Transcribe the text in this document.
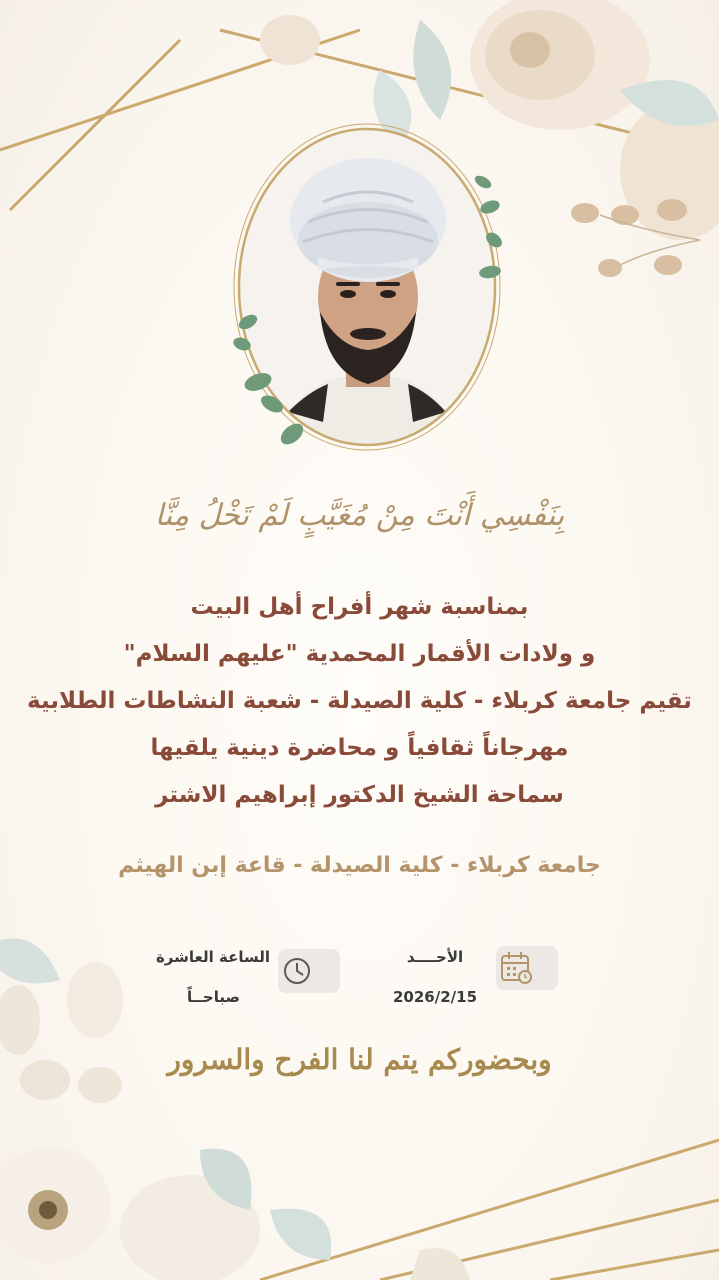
بِنَفْسِي أَنْتَ مِنْ مُغَيَّبٍ لَمْ تَخْلُ مِنَّا
بمناسبة شهر أفراح أهل البيت
و ولادات الأقمار المحمدية "عليهم السلام"
تقيم جامعة كربلاء - كلية الصيدلة - شعبة النشاطات الطلابية
مهرجاناً ثقافياً و محاضرة دينية يلقيها
سماحة الشيخ الدكتور إبراهيم الاشتر
جامعة كربلاء - كلية الصيدلة - قاعة إبن الهيثم
الأحــــد
2026/2/15
الساعة العاشرة
صباحــاً
وبحضوركم يتم لنا الفرح والسرور
